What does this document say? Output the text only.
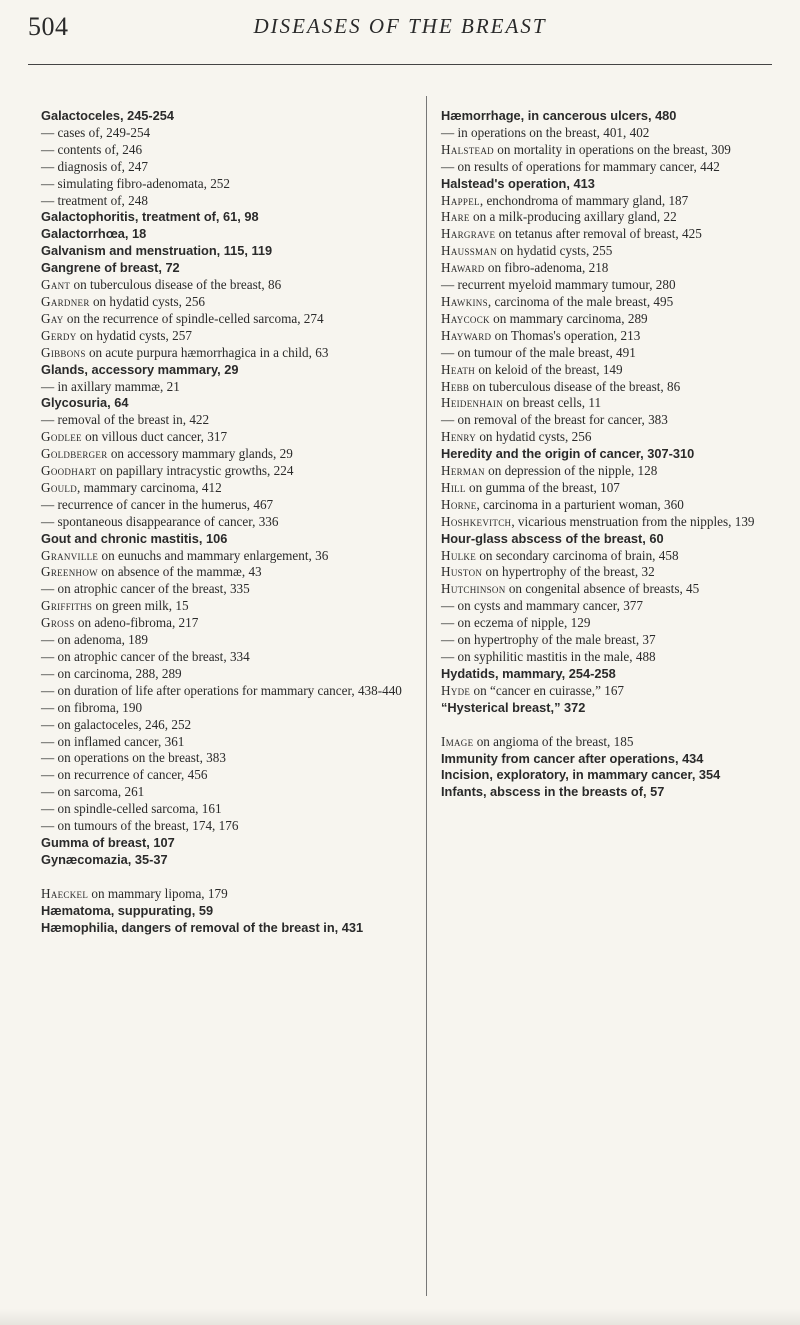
504	DISEASES OF THE BREAST

Galactoceles, 245-254

— cases of, 249-254

— contents of, 246

— diagnosis of, 247

— simulating fibro-adenomata, 252

— treatment of, 248

Galactophoritis, treatment of, 61, 98

Galactorrhœa, 18

Galvanism and menstruation, 115, 119

Gangrene of breast, 72

Gant on tuberculous disease of the breast, 86

Gardner on hydatid cysts, 256

Gay on the recurrence of spindle-celled sarcoma, 274

Gerdy on hydatid cysts, 257

Gibbons on acute purpura hæmorrhagica in a child, 63

Glands, accessory mammary, 29

— in axillary mammæ, 21

Glycosuria, 64

— removal of the breast in, 422

Godlee on villous duct cancer, 317

Goldberger on accessory mammary glands, 29

Goodhart on papillary intracystic growths, 224

Gould, mammary carcinoma, 412

— recurrence of cancer in the humerus, 467

— spontaneous disappearance of cancer, 336

Gout and chronic mastitis, 106

Granville on eunuchs and mammary enlargement, 36

Greenhow on absence of the mammæ, 43

— on atrophic cancer of the breast, 335

Griffiths on green milk, 15

Gross on adeno-fibroma, 217

— on adenoma, 189

— on atrophic cancer of the breast, 334

— on carcinoma, 288, 289

— on duration of life after operations for mammary cancer, 438-440

— on fibroma, 190

— on galactoceles, 246, 252

— on inflamed cancer, 361

— on operations on the breast, 383

— on recurrence of cancer, 456

— on sarcoma, 261

— on spindle-celled sarcoma, 161

— on tumours of the breast, 174, 176

Gumma of breast, 107

Gynæcomazia, 35-37

Haeckel on mammary lipoma, 179

Hæmatoma, suppurating, 59

Hæmophilia, dangers of removal of the breast in, 431

Hæmorrhage, in cancerous ulcers, 480

— in operations on the breast, 401, 402

Halstead on mortality in operations on the breast, 309

— on results of operations for mammary cancer, 442

Halstead's operation, 413

Happel, enchondroma of mammary gland, 187

Hare on a milk-producing axillary gland, 22

Hargrave on tetanus after removal of breast, 425

Haussman on hydatid cysts, 255

Haward on fibro-adenoma, 218

— recurrent myeloid mammary tumour, 280

Hawkins, carcinoma of the male breast, 495

Haycock on mammary carcinoma, 289

Hayward on Thomas's operation, 213

— on tumour of the male breast, 491

Heath on keloid of the breast, 149

Hebb on tuberculous disease of the breast, 86

Heidenhain on breast cells, 11

— on removal of the breast for cancer, 383

Henry on hydatid cysts, 256

Heredity and the origin of cancer, 307-310

Herman on depression of the nipple, 128

Hill on gumma of the breast, 107

Horne, carcinoma in a parturient woman, 360

Hoshkevitch, vicarious menstruation from the nipples, 139

Hour-glass abscess of the breast, 60

Hulke on secondary carcinoma of brain, 458

Huston on hypertrophy of the breast, 32

Hutchinson on congenital absence of breasts, 45

— on cysts and mammary cancer, 377

— on eczema of nipple, 129

— on hypertrophy of the male breast, 37

— on syphilitic mastitis in the male, 488

Hydatids, mammary, 254-258

Hyde on “cancer en cuirasse,” 167

“Hysterical breast,” 372

Image on angioma of the breast, 185

Immunity from cancer after operations, 434

Incision, exploratory, in mammary cancer, 354

Infants, abscess in the breasts of, 57
